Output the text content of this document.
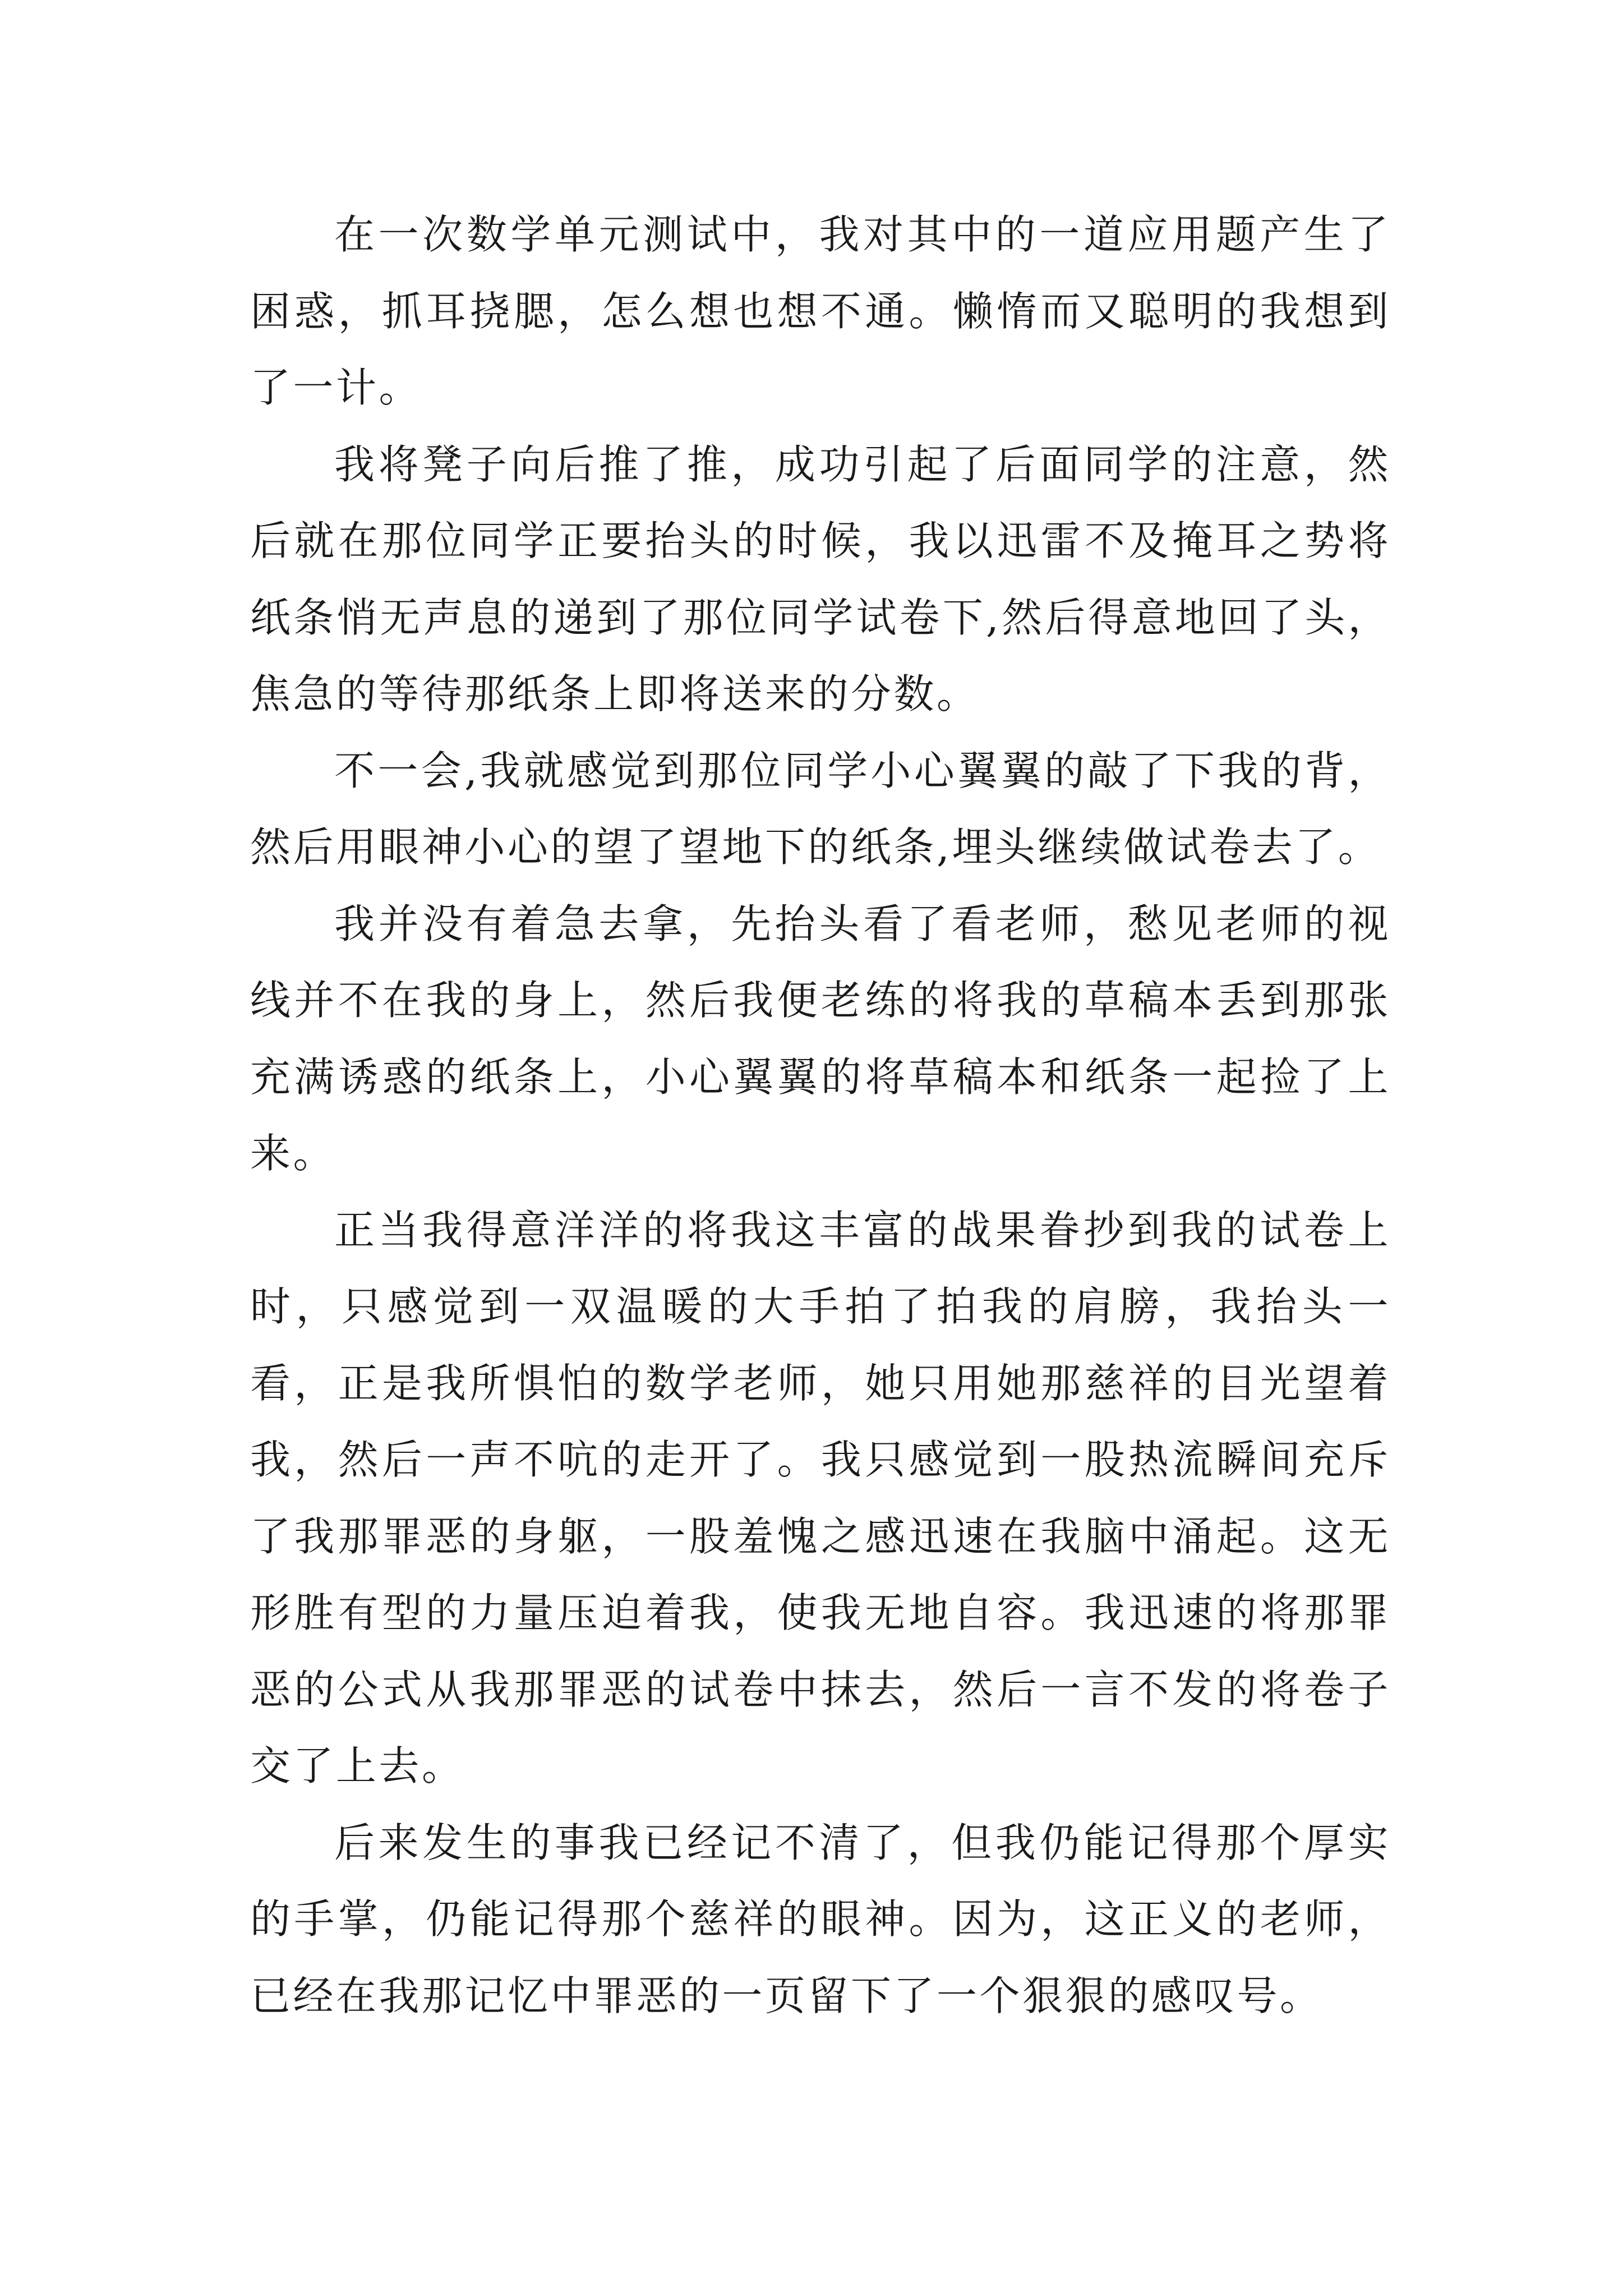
在一次数学单元测试中，我对其中的一道应用题产生了困惑，抓耳挠腮，怎么想也想不通。懒惰而又聪明的我想到了一计。

我将凳子向后推了推，成功引起了后面同学的注意，然后就在那位同学正要抬头的时候，我以迅雷不及掩耳之势将纸条悄无声息的递到了那位同学试卷下,然后得意地回了头，焦急的等待那纸条上即将送来的分数。

不一会,我就感觉到那位同学小心翼翼的敲了下我的背，然后用眼神小心的望了望地下的纸条,埋头继续做试卷去了。

我并没有着急去拿，先抬头看了看老师，愁见老师的视线并不在我的身上，然后我便老练的将我的草稿本丢到那张充满诱惑的纸条上，小心翼翼的将草稿本和纸条一起捡了上来。

正当我得意洋洋的将我这丰富的战果眷抄到我的试卷上时，只感觉到一双温暖的大手拍了拍我的肩膀，我抬头一看，正是我所惧怕的数学老师，她只用她那慈祥的目光望着我，然后一声不吭的走开了。我只感觉到一股热流瞬间充斥了我那罪恶的身躯，一股羞愧之感迅速在我脑中涌起。这无形胜有型的力量压迫着我，使我无地自容。我迅速的将那罪恶的公式从我那罪恶的试卷中抹去，然后一言不发的将卷子交了上去。

后来发生的事我已经记不清了，但我仍能记得那个厚实的手掌，仍能记得那个慈祥的眼神。因为，这正义的老师，已经在我那记忆中罪恶的一页留下了一个狠狠的感叹号。
